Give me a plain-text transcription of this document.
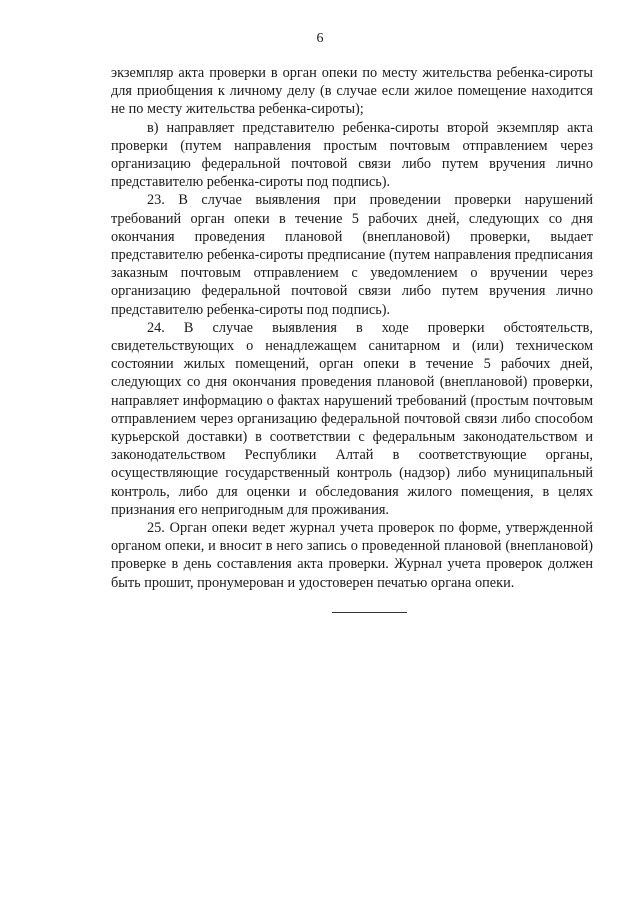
6

экземпляр акта проверки в орган опеки по месту жительства ребенка-сироты для приобщения к личному делу (в случае если жилое помещение находится не по месту жительства ребенка-сироты);

в) направляет представителю ребенка-сироты второй экземпляр акта проверки (путем направления простым почтовым отправлением через организацию федеральной почтовой связи либо путем вручения лично представителю ребенка-сироты под подпись).

23. В случае выявления при проведении проверки нарушений требований орган опеки в течение 5 рабочих дней, следующих со дня окончания проведения плановой (внеплановой) проверки, выдает представителю ребенка-сироты предписание (путем направления предписания заказным почтовым отправлением с уведомлением о вручении через организацию федеральной почтовой связи либо путем вручения лично представителю ребенка-сироты под подпись).

24. В случае выявления в ходе проверки обстоятельств, свидетельствующих о ненадлежащем санитарном и (или) техническом состоянии жилых помещений, орган опеки в течение 5 рабочих дней, следующих со дня окончания проведения плановой (внеплановой) проверки, направляет информацию о фактах нарушений требований (простым почтовым отправлением через организацию федеральной почтовой связи либо способом курьерской доставки) в соответствии с федеральным законодательством и законодательством Республики Алтай в соответствующие органы, осуществляющие государственный контроль (надзор) либо муниципальный контроль, либо для оценки и обследования жилого помещения, в целях признания его непригодным для проживания.

25. Орган опеки ведет журнал учета проверок по форме, утвержденной органом опеки, и вносит в него запись о проведенной плановой (внеплановой) проверке в день составления акта проверки. Журнал учета проверок должен быть прошит, пронумерован и удостоверен печатью органа опеки.
